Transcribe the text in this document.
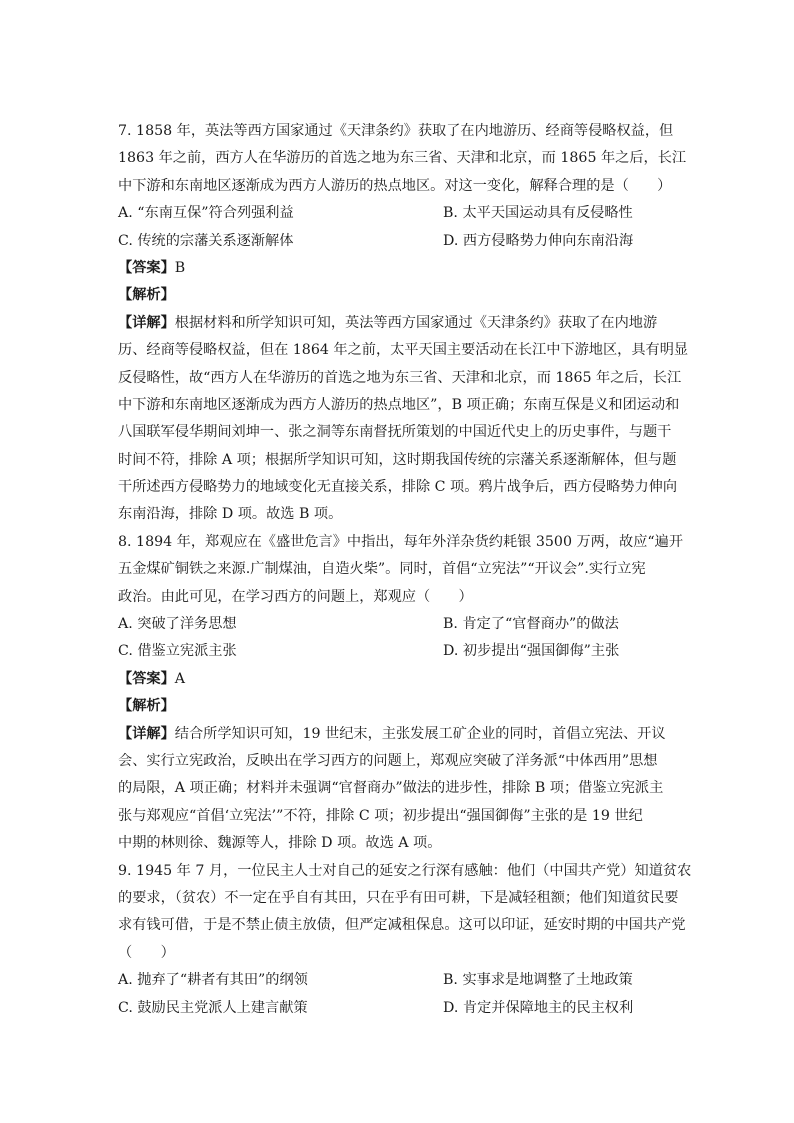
7. 1858 年，英法等西方国家通过《天津条约》获取了在内地游历、经商等侵略权益，但
1863 年之前，西方人在华游历的首选之地为东三省、天津和北京，而 1865 年之后，长江
中下游和东南地区逐渐成为西方人游历的热点地区。对这一变化，解释合理的是（　　）
A. “东南互保”符合列强利益	B. 太平天国运动具有反侵略性
C. 传统的宗藩关系逐渐解体	D. 西方侵略势力伸向东南沿海
【答案】B
【解析】
【详解】根据材料和所学知识可知，英法等西方国家通过《天津条约》获取了在内地游
历、经商等侵略权益，但在 1864 年之前，太平天国主要活动在长江中下游地区，具有明显
反侵略性，故“西方人在华游历的首选之地为东三省、天津和北京，而 1865 年之后，长江
中下游和东南地区逐渐成为西方人游历的热点地区”，B 项正确；东南互保是义和团运动和
八国联军侵华期间刘坤一、张之洞等东南督抚所策划的中国近代史上的历史事件，与题干
时间不符，排除 A 项；根据所学知识可知，这时期我国传统的宗藩关系逐渐解体，但与题
干所述西方侵略势力的地域变化无直接关系，排除 C 项。鸦片战争后，西方侵略势力伸向
东南沿海，排除 D 项。故选 B 项。
8. 1894 年，郑观应在《盛世危言》中指出，每年外洋杂货约耗银 3500 万两，故应“遍开
五金煤矿铜铁之来源.广制煤油，自造火柴”。同时，首倡“立宪法”“开议会”.实行立宪
政治。由此可见，在学习西方的问题上，郑观应（　　）
A. 突破了洋务思想	B. 肯定了“官督商办”的做法
C. 借鉴立宪派主张	D. 初步提出“强国御侮”主张
【答案】A
【解析】
【详解】结合所学知识可知，19 世纪末，主张发展工矿企业的同时，首倡立宪法、开议
会、实行立宪政治，反映出在学习西方的问题上，郑观应突破了洋务派“中体西用”思想
的局限，A 项正确；材料并未强调“官督商办”做法的进步性，排除 B 项；借鉴立宪派主
张与郑观应“首倡‘立宪法’”不符，排除 C 项；初步提出“强国御侮”主张的是 19 世纪
中期的林则徐、魏源等人，排除 D 项。故选 A 项。
9. 1945 年 7 月，一位民主人士对自己的延安之行深有感触：他们（中国共产党）知道贫农
的要求，（贫农）不一定在乎自有其田，只在乎有田可耕，下是减轻租额；他们知道贫民要
求有钱可借，于是不禁止债主放债，但严定减租保息。这可以印证，延安时期的中国共产党
（　　）
A. 抛弃了“耕者有其田”的纲领	B. 实事求是地调整了土地政策
C. 鼓励民主党派人上建言献策	D. 肯定并保障地主的民主权利
